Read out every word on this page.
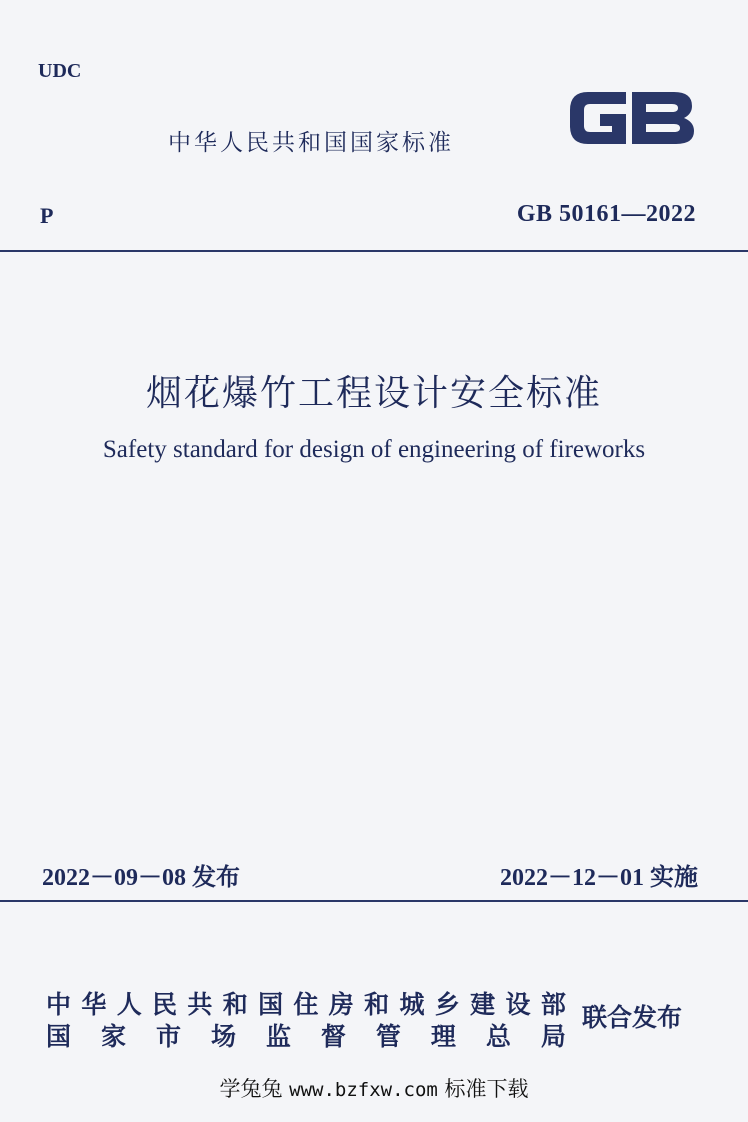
UDC
中华人民共和国国家标准
GB
P	GB 50161—2022
烟花爆竹工程设计安全标准
Safety standard for design of engineering of fireworks
2022－09－08 发布	2022－12－01 实施
中 华 人 民 共 和 国 住 房 和 城 乡 建 设 部
国 家 市 场 监 督 管 理 总 局
联合发布
学兔兔 www.bzfxw.com 标准下载
